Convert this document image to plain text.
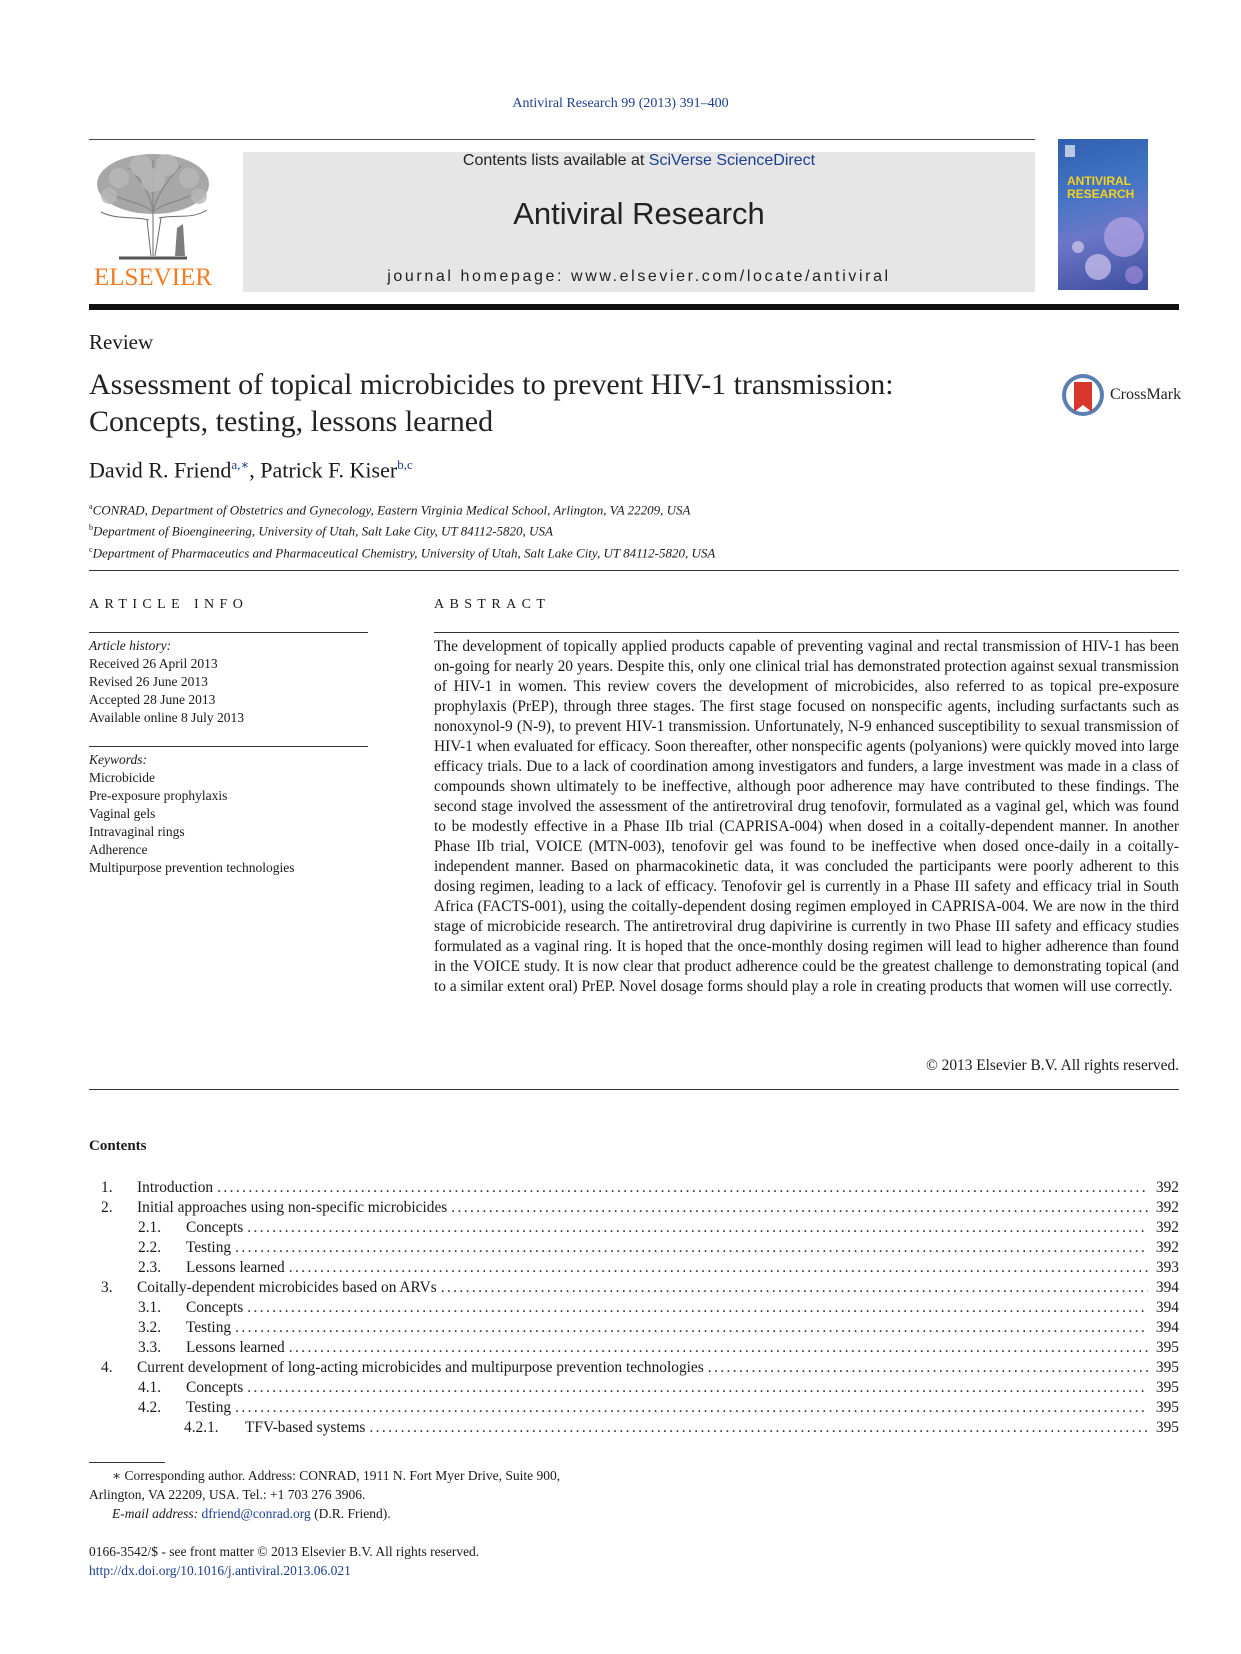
Antiviral Research 99 (2013) 391–400
ELSEVIER
Contents lists available at SciVerse ScienceDirect
Antiviral Research
journal homepage: www.elsevier.com/locate/antiviral
ANTIVIRAL
RESEARCH
Review
Assessment of topical microbicides to prevent HIV-1 transmission:
Concepts, testing, lessons learned
CrossMark
David R. Friend$^{a,∗}$, Patrick F. Kiser$^{b,c}$
$^a$CONRAD, Department of Obstetrics and Gynecology, Eastern Virginia Medical School, Arlington, VA 22209, USA
$^b$Department of Bioengineering, University of Utah, Salt Lake City, UT 84112-5820, USA
$^c$Department of Pharmaceutics and Pharmaceutical Chemistry, University of Utah, Salt Lake City, UT 84112-5820, USA
ARTICLE INFO	ABSTRACT
Article history:
Received 26 April 2013
Revised 26 June 2013
Accepted 28 June 2013
Available online 8 July 2013
Keywords:
Microbicide
Pre-exposure prophylaxis
Vaginal gels
Intravaginal rings
Adherence
Multipurpose prevention technologies
The development of topically applied products capable of preventing vaginal and rectal transmission of HIV-1 has been on-going for nearly 20 years. Despite this, only one clinical trial has demonstrated protection against sexual transmission of HIV-1 in women. This review covers the development of microbicides, also referred to as topical pre-exposure prophylaxis (PrEP), through three stages. The first stage focused on nonspecific agents, including surfactants such as nonoxynol-9 (N-9), to prevent HIV-1 transmission. Unfortunately, N-9 enhanced susceptibility to sexual transmission of HIV-1 when evaluated for efficacy. Soon thereafter, other nonspecific agents (polyanions) were quickly moved into large efficacy trials. Due to a lack of coordination among investigators and funders, a large investment was made in a class of compounds shown ultimately to be ineffective, although poor adherence may have contributed to these findings. The second stage involved the assessment of the antiretroviral drug tenofovir, formulated as a vaginal gel, which was found to be modestly effective in a Phase IIb trial (CAPRISA-004) when dosed in a coitally-dependent manner. In another Phase IIb trial, VOICE (MTN-003), tenofovir gel was found to be ineffective when dosed once-daily in a coitally-independent manner. Based on pharmacokinetic data, it was concluded the participants were poorly adherent to this dosing regimen, leading to a lack of efficacy. Tenofovir gel is currently in a Phase III safety and efficacy trial in South Africa (FACTS-001), using the coitally-dependent dosing regimen employed in CAPRISA-004. We are now in the third stage of microbicide research. The antiretroviral drug dapivirine is currently in two Phase III safety and efficacy studies formulated as a vaginal ring. It is hoped that the once-monthly dosing regimen will lead to higher adherence than found in the VOICE study. It is now clear that product adherence could be the greatest challenge to demonstrating topical (and to a similar extent oral) PrEP. Novel dosage forms should play a role in creating products that women will use correctly.
© 2013 Elsevier B.V. All rights reserved.
Contents
1.	Introduction .....	392
2.	Initial approaches using non-specific microbicides .....	392
2.1.	Concepts .....	392
2.2.	Testing .....	392
2.3.	Lessons learned .....	393
3.	Coitally-dependent microbicides based on ARVs .....	394
3.1.	Concepts .....	394
3.2.	Testing .....	394
3.3.	Lessons learned .....	395
4.	Current development of long-acting microbicides and multipurpose prevention technologies .....	395
4.1.	Concepts .....	395
4.2.	Testing .....	395
4.2.1.	TFV-based systems .....	395
∗ Corresponding author. Address: CONRAD, 1911 N. Fort Myer Drive, Suite 900,
Arlington, VA 22209, USA. Tel.: +1 703 276 3906.
E-mail address: dfriend@conrad.org (D.R. Friend).
0166-3542/$ - see front matter © 2013 Elsevier B.V. All rights reserved.
http://dx.doi.org/10.1016/j.antiviral.2013.06.021
